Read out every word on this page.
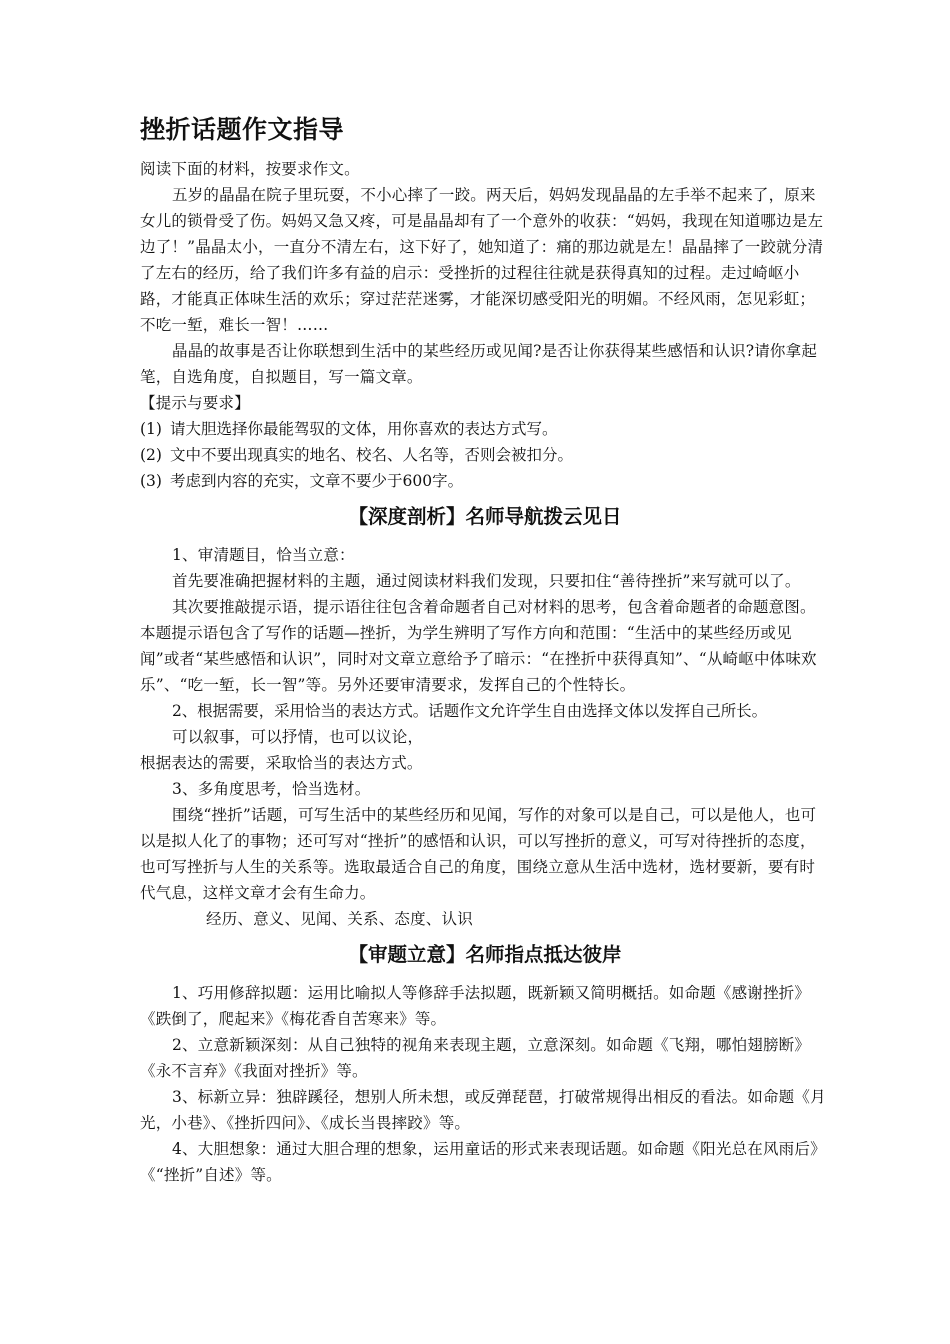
挫折话题作文指导

阅读下面的材料，按要求作文。

五岁的晶晶在院子里玩耍，不小心摔了一跤。两天后，妈妈发现晶晶的左手举不起来了，原来女儿的锁骨受了伤。妈妈又急又疼，可是晶晶却有了一个意外的收获：“妈妈，我现在知道哪边是左边了！”晶晶太小，一直分不清左右，这下好了，她知道了：痛的那边就是左！晶晶摔了一跤就分清了左右的经历，给了我们许多有益的启示：受挫折的过程往往就是获得真知的过程。走过崎岖小路，才能真正体味生活的欢乐；穿过茫茫迷雾，才能深切感受阳光的明媚。不经风雨，怎见彩虹；不吃一堑，难长一智！……

晶晶的故事是否让你联想到生活中的某些经历或见闻?是否让你获得某些感悟和认识?请你拿起笔，自选角度，自拟题目，写一篇文章。

【提示与要求】

(1) 请大胆选择你最能驾驭的文体，用你喜欢的表达方式写。
(2) 文中不要出现真实的地名、校名、人名等，否则会被扣分。
(3) 考虑到内容的充实，文章不要少于600字。
【深度剖析】名师导航拨云见日

1、审清题目，恰当立意：

首先要准确把握材料的主题，通过阅读材料我们发现，只要扣住“善待挫折”来写就可以了。

其次要推敲提示语，提示语往往包含着命题者自己对材料的思考，包含着命题者的命题意图。本题提示语包含了写作的话题—挫折，为学生辨明了写作方向和范围：“生活中的某些经历或见闻”或者“某些感悟和认识”，同时对文章立意给予了暗示：“在挫折中获得真知”、“从崎岖中体味欢乐”、“吃一堑，长一智”等。另外还要审清要求，发挥自己的个性特长。

2、根据需要，采用恰当的表达方式。话题作文允许学生自由选择文体以发挥自己所长。

可以叙事，可以抒情，也可以议论，

根据表达的需要，采取恰当的表达方式。

3、多角度思考，恰当选材。

围绕“挫折”话题，可写生活中的某些经历和见闻，写作的对象可以是自己，可以是他人，也可以是拟人化了的事物；还可写对“挫折”的感悟和认识，可以写挫折的意义，可写对待挫折的态度，也可写挫折与人生的关系等。选取最适合自己的角度，围绕立意从生活中选材，选材要新，要有时代气息，这样文章才会有生命力。

经历、意义、见闻、关系、态度、认识

【审题立意】名师指点抵达彼岸

1、巧用修辞拟题：运用比喻拟人等修辞手法拟题，既新颖又简明概括。如命题《感谢挫折》《跌倒了，爬起来》《梅花香自苦寒来》等。

2、立意新颖深刻：从自己独特的视角来表现主题，立意深刻。如命题《飞翔，哪怕翅膀断》《永不言弃》《我面对挫折》等。

3、标新立异：独辟蹊径，想别人所未想，或反弹琵琶，打破常规得出相反的看法。如命题《月光，小巷》、《挫折四问》、《成长当畏摔跤》等。

4、大胆想象：通过大胆合理的想象，运用童话的形式来表现话题。如命题《阳光总在风雨后》《“挫折”自述》等。
